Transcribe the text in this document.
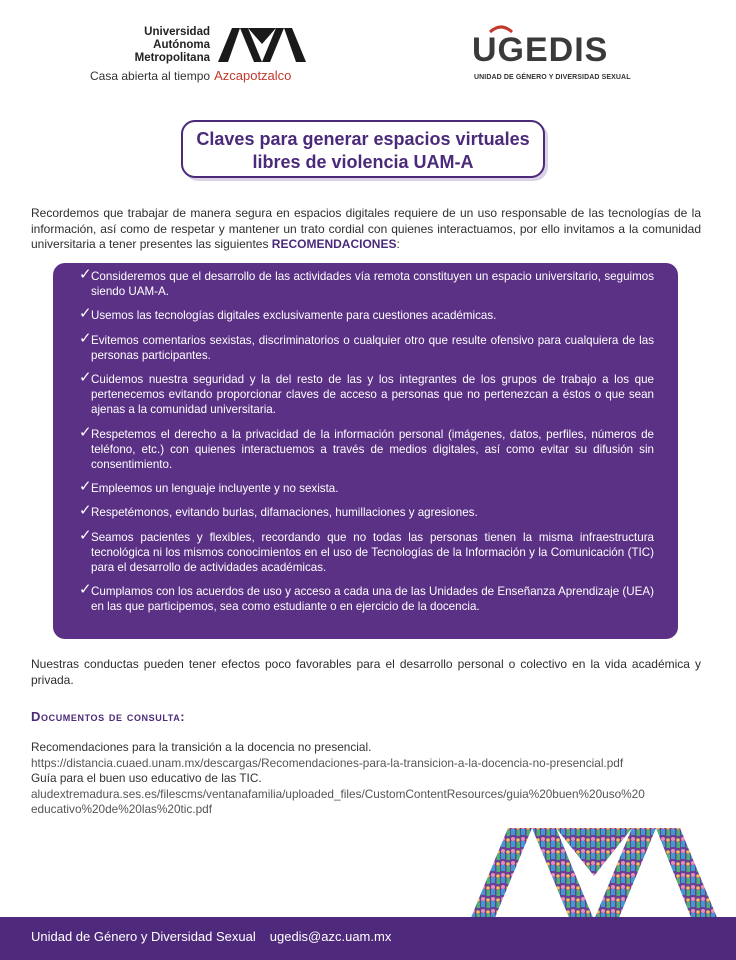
Universidad
Autónoma
Metropolitana
Casa abierta al tiempo Azcapotzalco
UGEDIS
UNIDAD DE GÉNERO Y DIVERSIDAD SEXUAL
Claves para generar espacios virtuales
libres de violencia UAM-A
Recordemos que trabajar de manera segura en espacios digitales requiere de un uso responsable de las tecnologías de la información, así como de respetar y mantener un trato cordial con quienes interactuamos, por ello invitamos a la comunidad universitaria a tener presentes las siguientes RECOMENDACIONES:
✓ Consideremos que el desarrollo de las actividades vía remota constituyen un espacio universitario, seguimos siendo UAM-A.
✓ Usemos las tecnologías digitales exclusivamente para cuestiones académicas.
✓ Evitemos comentarios sexistas, discriminatorios o cualquier otro que resulte ofensivo para cualquiera de las personas participantes.
✓ Cuidemos nuestra seguridad y la del resto de las y los integrantes de los grupos de trabajo a los que pertenecemos evitando proporcionar claves de acceso a personas que no pertenezcan a éstos o que sean ajenas a la comunidad universitaria.
✓ Respetemos el derecho a la privacidad de la información personal (imágenes, datos, perfiles, números de teléfono, etc.) con quienes interactuemos a través de medios digitales, así como evitar su difusión sin consentimiento.
✓ Empleemos un lenguaje incluyente y no sexista.
✓ Respetémonos, evitando burlas, difamaciones, humillaciones y agresiones.
✓ Seamos pacientes y flexibles, recordando que no todas las personas tienen la misma infraestructura tecnológica ni los mismos conocimientos en el uso de Tecnologías de la Información y la Comunicación (TIC) para el desarrollo de actividades académicas.
✓ Cumplamos con los acuerdos de uso y acceso a cada una de las Unidades de Enseñanza Aprendizaje (UEA) en las que participemos, sea como estudiante o en ejercicio de la docencia.
Nuestras conductas pueden tener efectos poco favorables para el desarrollo personal o colectivo en la vida académica y privada.
Documentos de consulta:
Recomendaciones para la transición a la docencia no presencial.
https://distancia.cuaed.unam.mx/descargas/Recomendaciones-para-la-transicion-a-la-docencia-no-presencial.pdf
Guía para el buen uso educativo de las TIC.
aludextremadura.ses.es/filescms/ventanafamilia/uploaded_files/CustomContentResources/guia%20buen%20uso%20
educativo%20de%20las%20tic.pdf
Unidad de Género y Diversidad Sexual ugedis@azc.uam.mx
